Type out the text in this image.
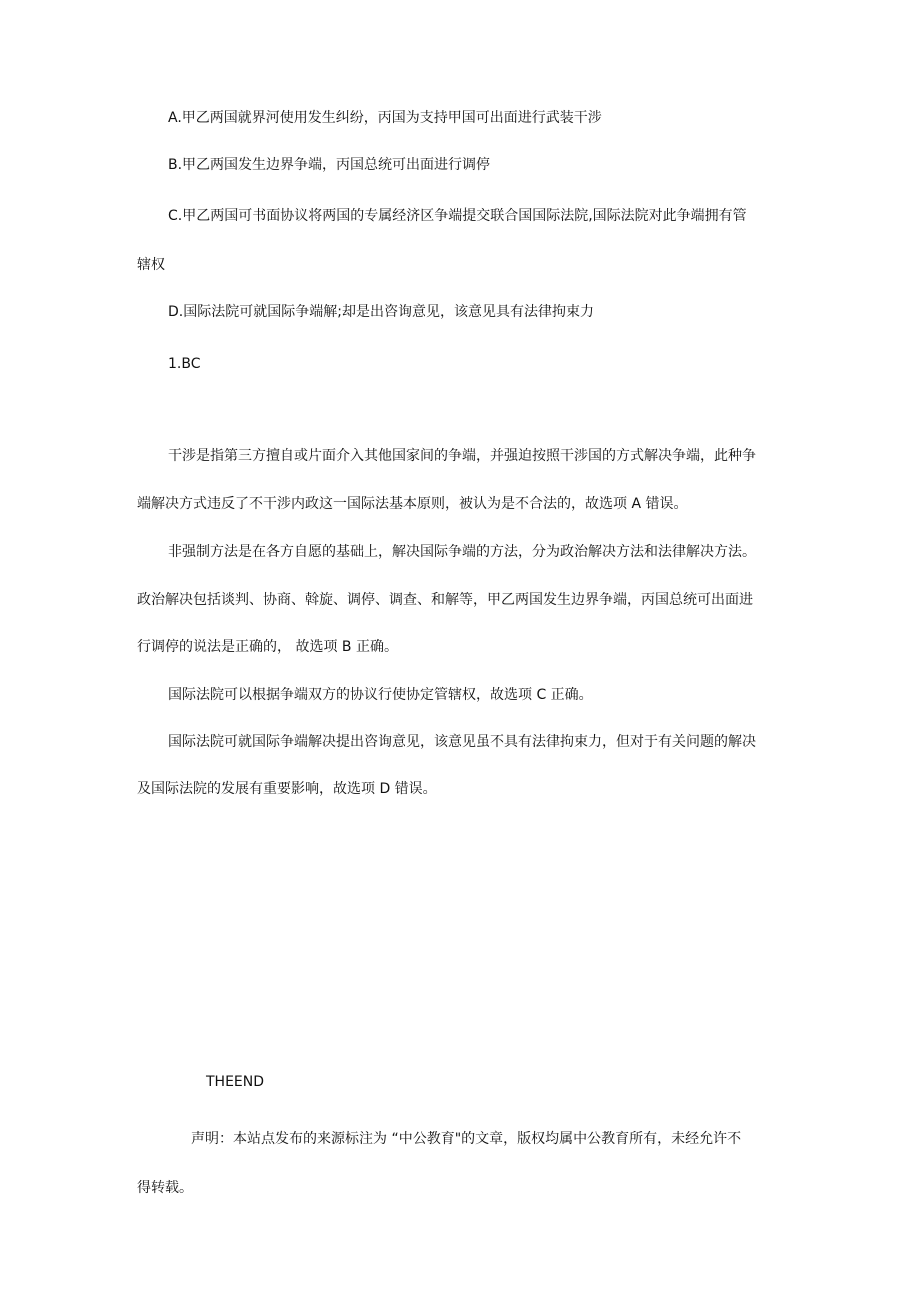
A.甲乙两国就界河使用发生纠纷，丙国为支持甲国可出面进行武装干涉

B.甲乙两国发生边界争端，丙国总统可出面进行调停

C.甲乙两国可书面协议将两国的专属经济区争端提交联合国国际法院,国际法院对此争端拥有管

辖权

D.国际法院可就国际争端解;却是出咨询意见，该意见具有法律拘束力

1.BC

干涉是指第三方擅自或片面介入其他国家间的争端，并强迫按照干涉国的方式解决争端，此种争

端解决方式违反了不干涉内政这一国际法基本原则，被认为是不合法的，故选项 A 错误。

非强制方法是在各方自愿的基础上，解决国际争端的方法，分为政治解决方法和法律解决方法。

政治解决包括谈判、协商、斡旋、调停、调查、和解等，甲乙两国发生边界争端，丙国总统可出面进

行调停的说法是正确的， 故选项 B 正确。

国际法院可以根据争端双方的协议行使协定管辖权，故选项 C 正确。

国际法院可就国际争端解决提出咨询意见，该意见虽不具有法律拘束力，但对于有关问题的解决

及国际法院的发展有重要影响，故选项 D 错误。

THEEND

声明：本站点发布的来源标注为 “中公教育"的文章，版权均属中公教育所有，未经允许不

得转载。
